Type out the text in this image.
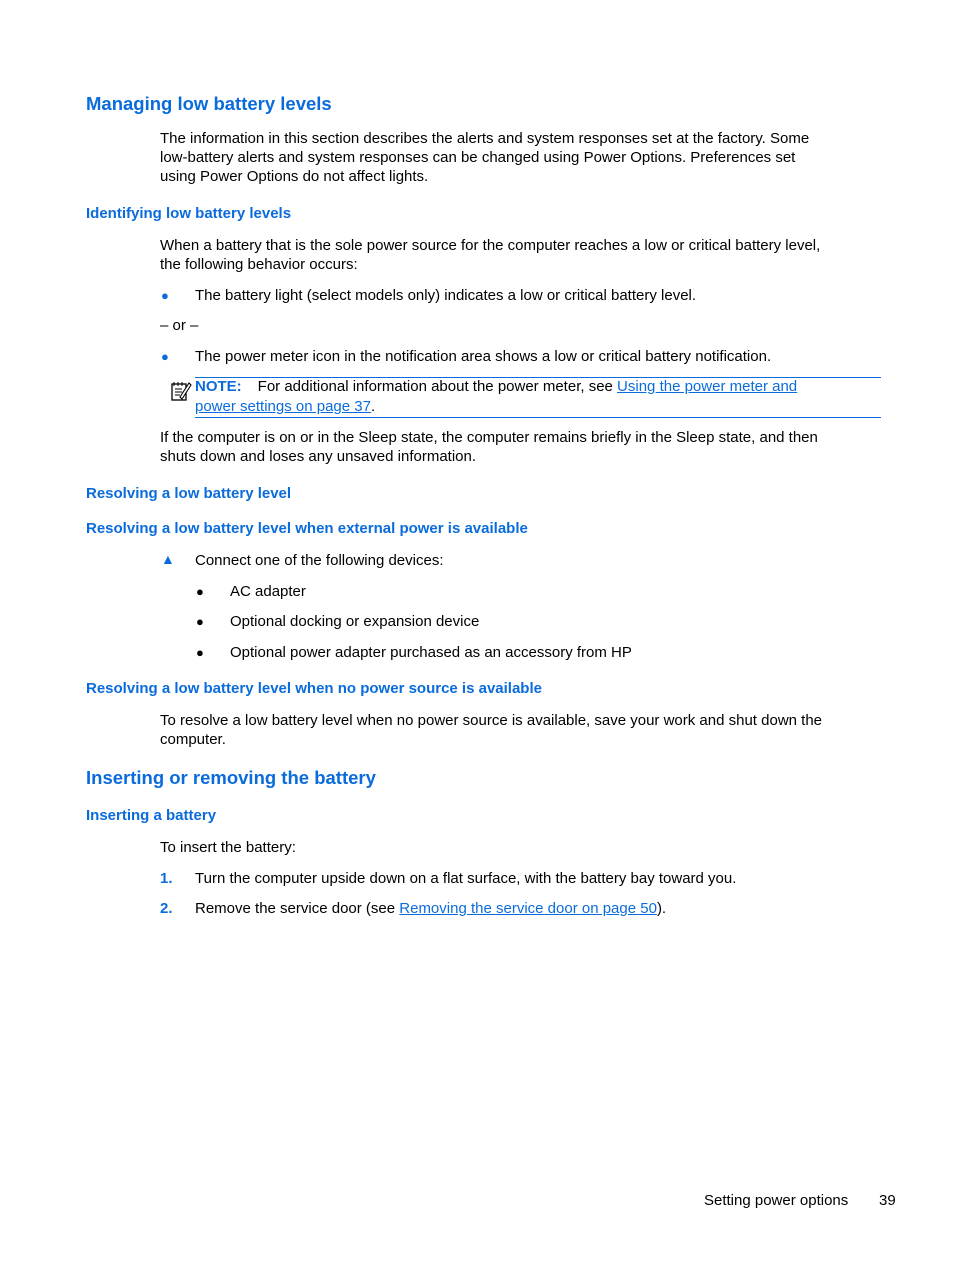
Managing low battery levels
The information in this section describes the alerts and system responses set at the factory. Some
low-battery alerts and system responses can be changed using Power Options. Preferences set
using Power Options do not affect lights.
Identifying low battery levels
When a battery that is the sole power source for the computer reaches a low or critical battery level,
the following behavior occurs:
● The battery light (select models only) indicates a low or critical battery level.
– or –
● The power meter icon in the notification area shows a low or critical battery notification.
NOTE: For additional information about the power meter, see Using the power meter and
power settings on page 37.
If the computer is on or in the Sleep state, the computer remains briefly in the Sleep state, and then
shuts down and loses any unsaved information.
Resolving a low battery level
Resolving a low battery level when external power is available
▲ Connect one of the following devices:
● AC adapter
● Optional docking or expansion device
● Optional power adapter purchased as an accessory from HP
Resolving a low battery level when no power source is available
To resolve a low battery level when no power source is available, save your work and shut down the
computer.
Inserting or removing the battery
Inserting a battery
To insert the battery:
1. Turn the computer upside down on a flat surface, with the battery bay toward you.
2. Remove the service door (see Removing the service door on page 50).
Setting power options 39
